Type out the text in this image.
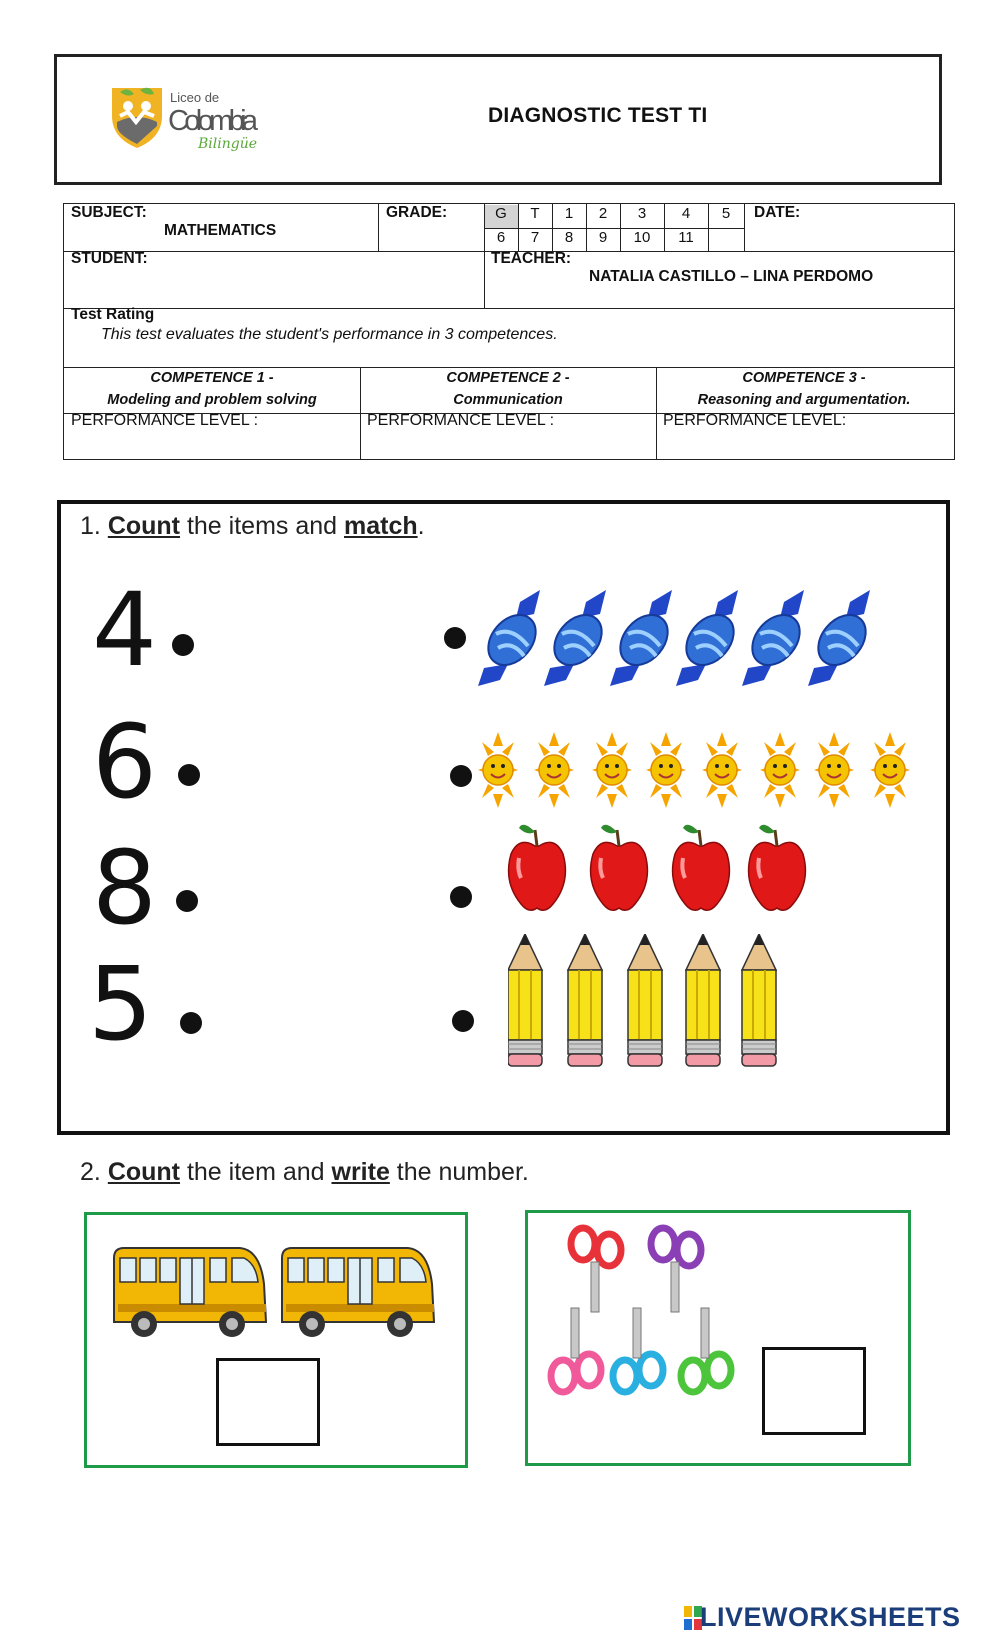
Liceo de
Colombia
Bilingüe
DIAGNOSTIC TEST TI
SUBJECT:
MATHEMATICS
GRADE:	G	T	1	2	3	4	5
6	7	8	9	10	11
DATE:
STUDENT:	TEACHER:
NATALIA CASTILLO – LINA PERDOMO
Test Rating
This test evaluates the student's performance in 3 competences.
COMPETENCE 1 -
Modeling and problem solving
COMPETENCE 2 -
Communication
COMPETENCE 3 -
Reasoning and argumentation.
PERFORMANCE LEVEL :	PERFORMANCE LEVEL :	PERFORMANCE LEVEL:
1. Count the items and match.
4
6
8
5
2. Count the item and write the number.
LIVEWORKSHEETS
